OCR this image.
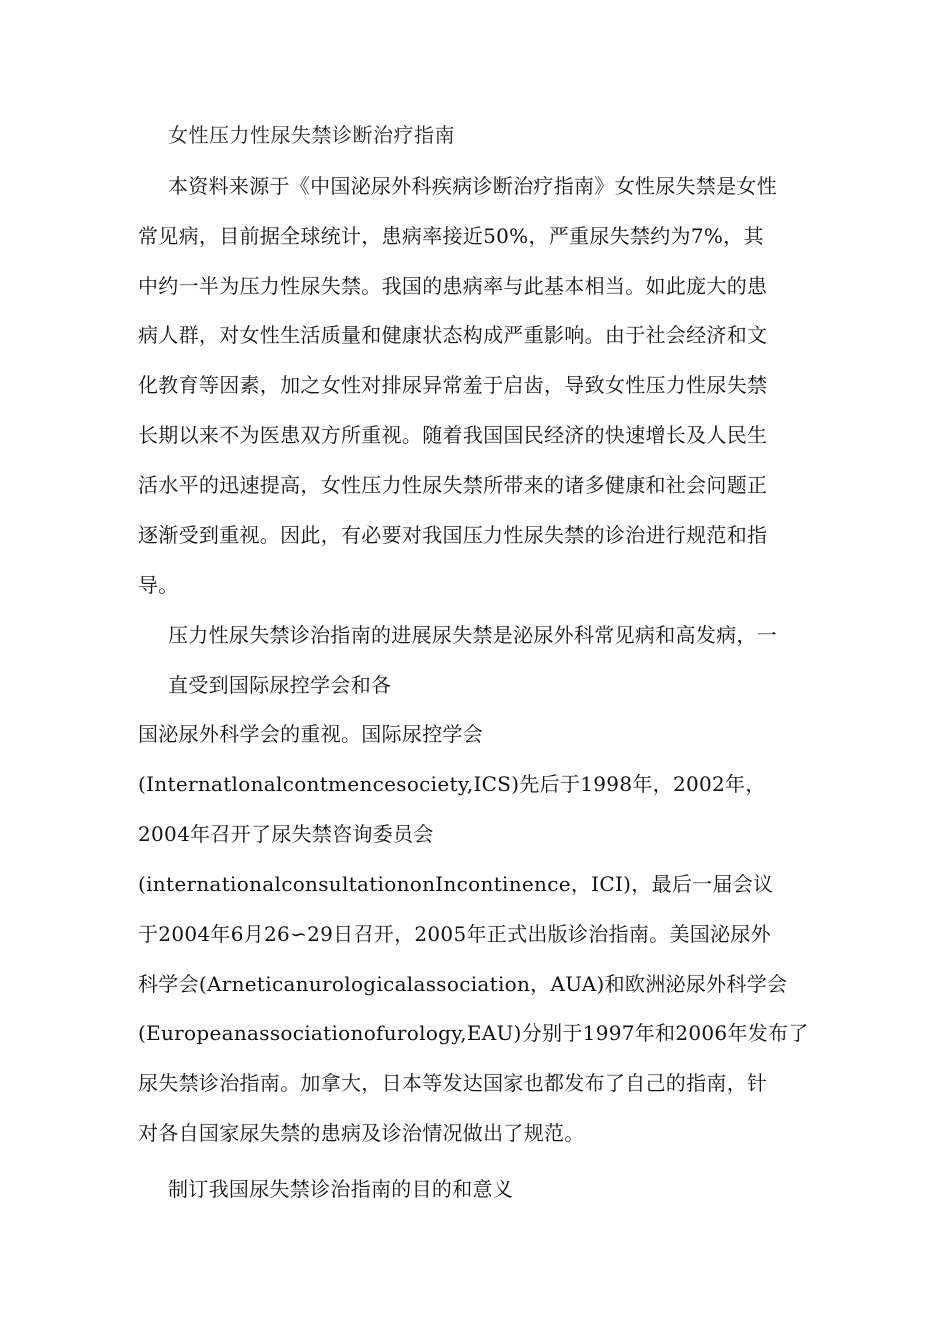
女性压力性尿失禁诊断治疗指南
本资料来源于《中国泌尿外科疾病诊断治疗指南》女性尿失禁是女性
常见病，目前据全球统计，患病率接近50%，严重尿失禁约为7%，其
中约一半为压力性尿失禁。我国的患病率与此基本相当。如此庞大的患
病人群，对女性生活质量和健康状态构成严重影响。由于社会经济和文
化教育等因素，加之女性对排尿异常羞于启齿，导致女性压力性尿失禁
长期以来不为医患双方所重视。随着我国国民经济的快速增长及人民生
活水平的迅速提高，女性压力性尿失禁所带来的诸多健康和社会问题正
逐渐受到重视。因此，有必要对我国压力性尿失禁的诊治进行规范和指
导。
压力性尿失禁诊治指南的进展尿失禁是泌尿外科常见病和高发病，一
直受到国际尿控学会和各
国泌尿外科学会的重视。国际尿控学会
(Internatlonalcontmencesociety,ICS)先后于1998年，2002年，
2004年召开了尿失禁咨询委员会
(internationalconsultationonIncontinence，ICI)，最后一届会议
于2004年6月26∽29日召开，2005年正式出版诊治指南。美国泌尿外
科学会(Arneticanurologicalassociation，AUA)和欧洲泌尿外科学会
(Europeanassociationofurology,EAU)分别于1997年和2006年发布了
尿失禁诊治指南。加拿大，日本等发达国家也都发布了自己的指南，针
对各自国家尿失禁的患病及诊治情况做出了规范。
制订我国尿失禁诊治指南的目的和意义
